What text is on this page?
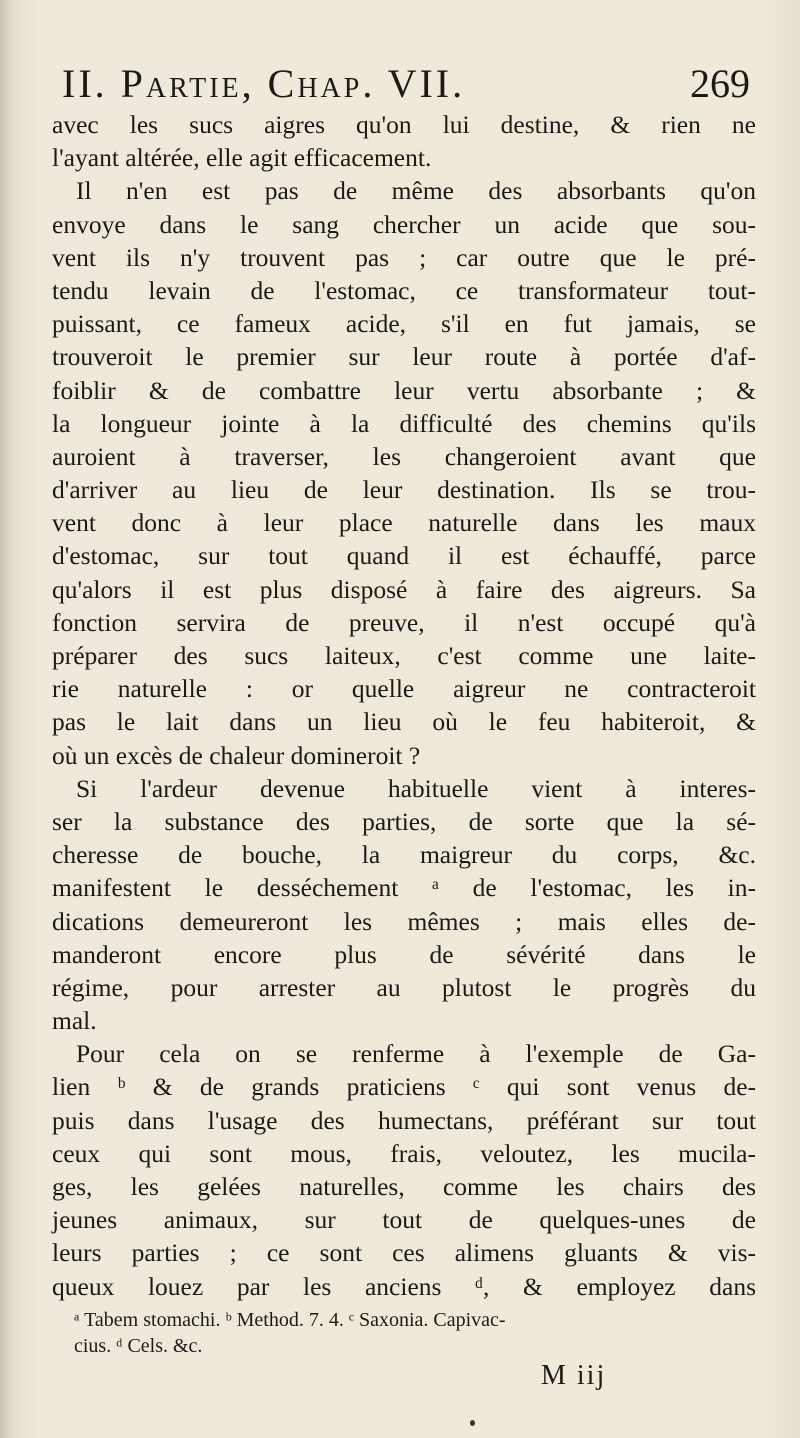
II. Partie, Chap. VII.	269
avec les sucs aigres qu'on lui destine, & rien ne
l'ayant altérée, elle agit efficacement.
Il n'en est pas de même des absorbants qu'on
envoye dans le sang chercher un acide que sou-
vent ils n'y trouvent pas ; car outre que le pré-
tendu levain de l'estomac, ce transformateur tout-
puissant, ce fameux acide, s'il en fut jamais, se
trouveroit le premier sur leur route à portée d'af-
foiblir & de combattre leur vertu absorbante ; &
la longueur jointe à la difficulté des chemins qu'ils
auroient à traverser, les changeroient avant que
d'arriver au lieu de leur destination. Ils se trou-
vent donc à leur place naturelle dans les maux
d'estomac, sur tout quand il est échauffé, parce
qu'alors il est plus disposé à faire des aigreurs. Sa
fonction servira de preuve, il n'est occupé qu'à
préparer des sucs laiteux, c'est comme une laite-
rie naturelle : or quelle aigreur ne contracteroit
pas le lait dans un lieu où le feu habiteroit, &
où un excès de chaleur domineroit ?
Si l'ardeur devenue habituelle vient à interes-
ser la substance des parties, de sorte que la sé-
cheresse de bouche, la maigreur du corps, &c.
manifestent le desséchement ᵃ de l'estomac, les in-
dications demeureront les mêmes ; mais elles de-
manderont encore plus de sévérité dans le
régime, pour arrester au plutost le progrès du
mal.
Pour cela on se renferme à l'exemple de Ga-
lien ᵇ & de grands praticiens ᶜ qui sont venus de-
puis dans l'usage des humectans, préférant sur tout
ceux qui sont mous, frais, veloutez, les mucila-
ges, les gelées naturelles, comme les chairs des
jeunes animaux, sur tout de quelques-unes de
leurs parties ; ce sont ces alimens gluants & vis-
queux louez par les anciens ᵈ, & employez dans
ᵃ Tabem stomachi. ᵇ Method. 7. 4. ᶜ Saxonia. Capivac-
cius. ᵈ Cels. &c.
M iij
